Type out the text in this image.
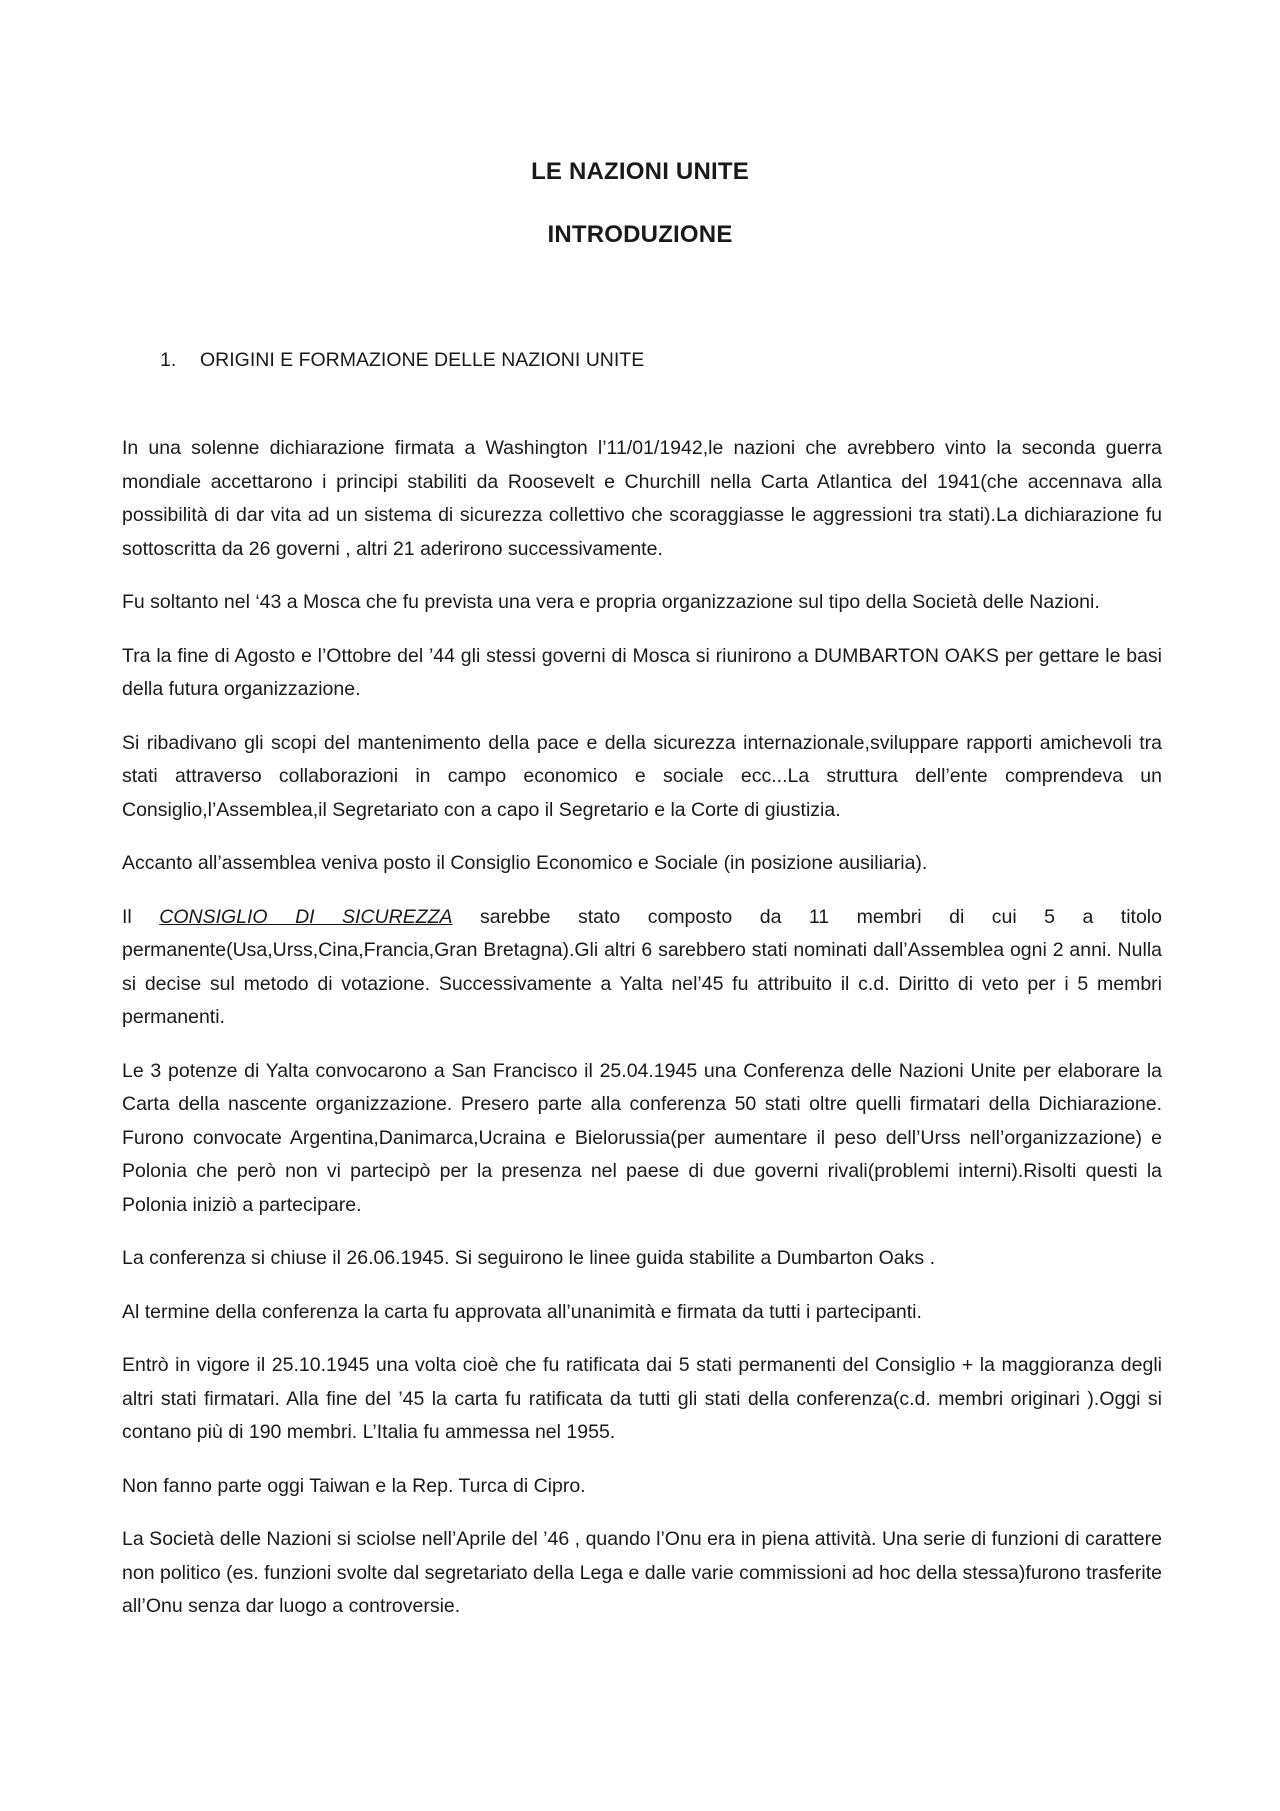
LE NAZIONI UNITE
INTRODUZIONE
1. ORIGINI E FORMAZIONE DELLE NAZIONI UNITE

In una solenne dichiarazione firmata a Washington l’11/01/1942,le nazioni che avrebbero vinto la seconda guerra mondiale accettarono i principi stabiliti da Roosevelt e Churchill nella Carta Atlantica del 1941(che accennava alla possibilità di dar vita ad un sistema di sicurezza collettivo che scoraggiasse le aggressioni tra stati).La dichiarazione fu sottoscritta da 26 governi , altri 21 aderirono successivamente.

Fu soltanto nel ‘43 a Mosca che fu prevista una vera e propria organizzazione sul tipo della Società delle Nazioni.

Tra la fine di Agosto e l’Ottobre del ’44 gli stessi governi di Mosca si riunirono a DUMBARTON OAKS per gettare le basi della futura organizzazione.

Si ribadivano gli scopi del mantenimento della pace e della sicurezza internazionale,sviluppare rapporti amichevoli tra stati attraverso collaborazioni in campo economico e sociale ecc...La struttura dell’ente comprendeva un Consiglio,l’Assemblea,il Segretariato con a capo il Segretario e la Corte di giustizia.

Accanto all’assemblea veniva posto il Consiglio Economico e Sociale (in posizione ausiliaria).

Il CONSIGLIO DI SICUREZZA sarebbe stato composto da 11 membri di cui 5 a titolo permanente(Usa,Urss,Cina,Francia,Gran Bretagna).Gli altri 6 sarebbero stati nominati dall’Assemblea ogni 2 anni. Nulla si decise sul metodo di votazione. Successivamente a Yalta nel’45 fu attribuito il c.d. Diritto di veto per i 5 membri permanenti.

Le 3 potenze di Yalta convocarono a San Francisco il 25.04.1945 una Conferenza delle Nazioni Unite per elaborare la Carta della nascente organizzazione. Presero parte alla conferenza 50 stati oltre quelli firmatari della Dichiarazione. Furono convocate Argentina,Danimarca,Ucraina e Bielorussia(per aumentare il peso dell’Urss nell’organizzazione) e Polonia che però non vi partecipò per la presenza nel paese di due governi rivali(problemi interni).Risolti questi la Polonia iniziò a partecipare.

La conferenza si chiuse il 26.06.1945. Si seguirono le linee guida stabilite a Dumbarton Oaks .

Al termine della conferenza la carta fu approvata all’unanimità e firmata da tutti i partecipanti.

Entrò in vigore il 25.10.1945 una volta cioè che fu ratificata dai 5 stati permanenti del Consiglio + la maggioranza degli altri stati firmatari. Alla fine del ’45 la carta fu ratificata da tutti gli stati della conferenza(c.d. membri originari ).Oggi si contano più di 190 membri. L’Italia fu ammessa nel 1955.

Non fanno parte oggi Taiwan e la Rep. Turca di Cipro.

La Società delle Nazioni si sciolse nell’Aprile del ’46 , quando l’Onu era in piena attività. Una serie di funzioni di carattere non politico (es. funzioni svolte dal segretariato della Lega e dalle varie commissioni ad hoc della stessa)furono trasferite all’Onu senza dar luogo a controversie.
